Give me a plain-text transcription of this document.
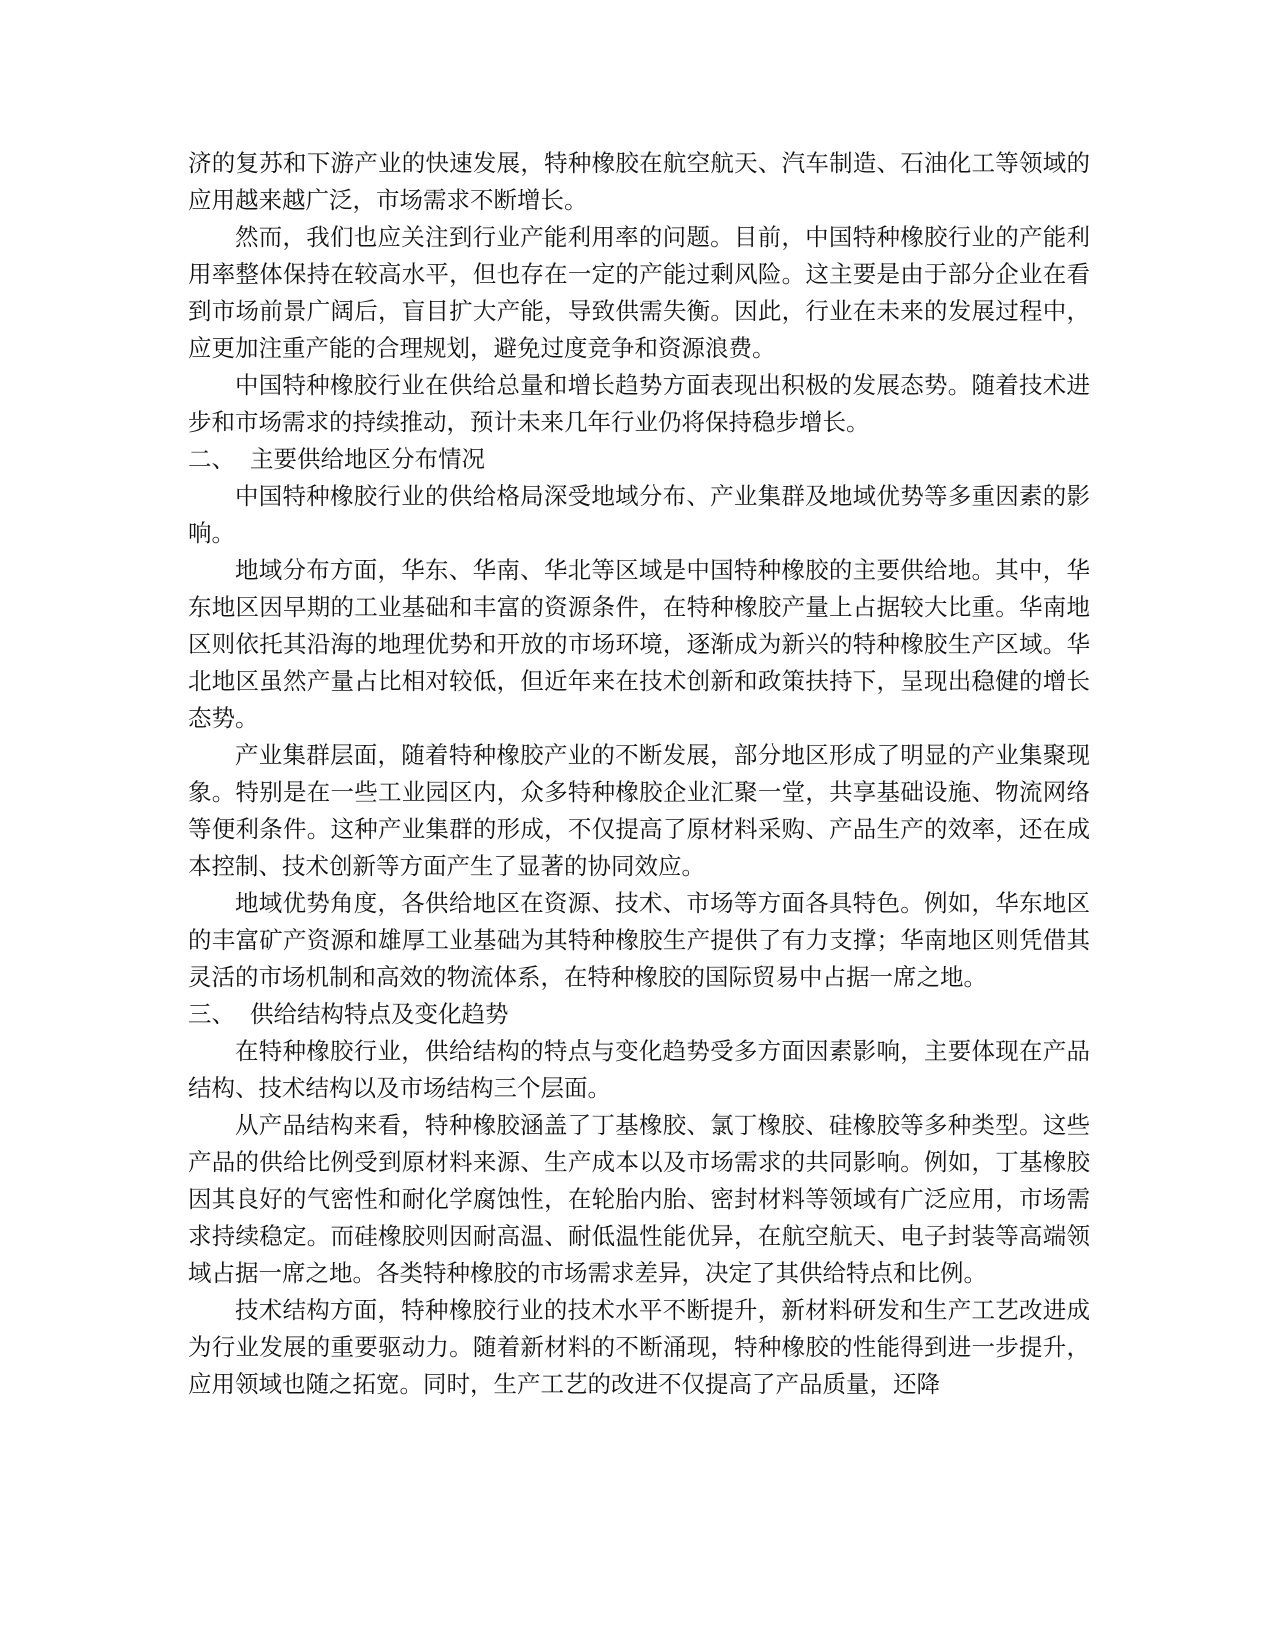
济的复苏和下游产业的快速发展，特种橡胶在航空航天、汽车制造、石油化工等领域的应用越来越广泛，市场需求不断增长。

然而，我们也应关注到行业产能利用率的问题。目前，中国特种橡胶行业的产能利用率整体保持在较高水平，但也存在一定的产能过剩风险。这主要是由于部分企业在看到市场前景广阔后，盲目扩大产能，导致供需失衡。因此，行业在未来的发展过程中，应更加注重产能的合理规划，避免过度竞争和资源浪费。

中国特种橡胶行业在供给总量和增长趋势方面表现出积极的发展态势。随着技术进步和市场需求的持续推动，预计未来几年行业仍将保持稳步增长。

二、 主要供给地区分布情况

中国特种橡胶行业的供给格局深受地域分布、产业集群及地域优势等多重因素的影响。

地域分布方面，华东、华南、华北等区域是中国特种橡胶的主要供给地。其中，华东地区因早期的工业基础和丰富的资源条件，在特种橡胶产量上占据较大比重。华南地区则依托其沿海的地理优势和开放的市场环境，逐渐成为新兴的特种橡胶生产区域。华北地区虽然产量占比相对较低，但近年来在技术创新和政策扶持下，呈现出稳健的增长态势。

产业集群层面，随着特种橡胶产业的不断发展，部分地区形成了明显的产业集聚现象。特别是在一些工业园区内，众多特种橡胶企业汇聚一堂，共享基础设施、物流网络等便利条件。这种产业集群的形成，不仅提高了原材料采购、产品生产的效率，还在成本控制、技术创新等方面产生了显著的协同效应。

地域优势角度，各供给地区在资源、技术、市场等方面各具特色。例如，华东地区的丰富矿产资源和雄厚工业基础为其特种橡胶生产提供了有力支撑；华南地区则凭借其灵活的市场机制和高效的物流体系，在特种橡胶的国际贸易中占据一席之地。

三、 供给结构特点及变化趋势

在特种橡胶行业，供给结构的特点与变化趋势受多方面因素影响，主要体现在产品结构、技术结构以及市场结构三个层面。

从产品结构来看，特种橡胶涵盖了丁基橡胶、氯丁橡胶、硅橡胶等多种类型。这些产品的供给比例受到原材料来源、生产成本以及市场需求的共同影响。例如，丁基橡胶因其良好的气密性和耐化学腐蚀性，在轮胎内胎、密封材料等领域有广泛应用，市场需求持续稳定。而硅橡胶则因耐高温、耐低温性能优异，在航空航天、电子封装等高端领域占据一席之地。各类特种橡胶的市场需求差异，决定了其供给特点和比例。

技术结构方面，特种橡胶行业的技术水平不断提升，新材料研发和生产工艺改进成为行业发展的重要驱动力。随着新材料的不断涌现，特种橡胶的性能得到进一步提升，应用领域也随之拓宽。同时，生产工艺的改进不仅提高了产品质量，还降
